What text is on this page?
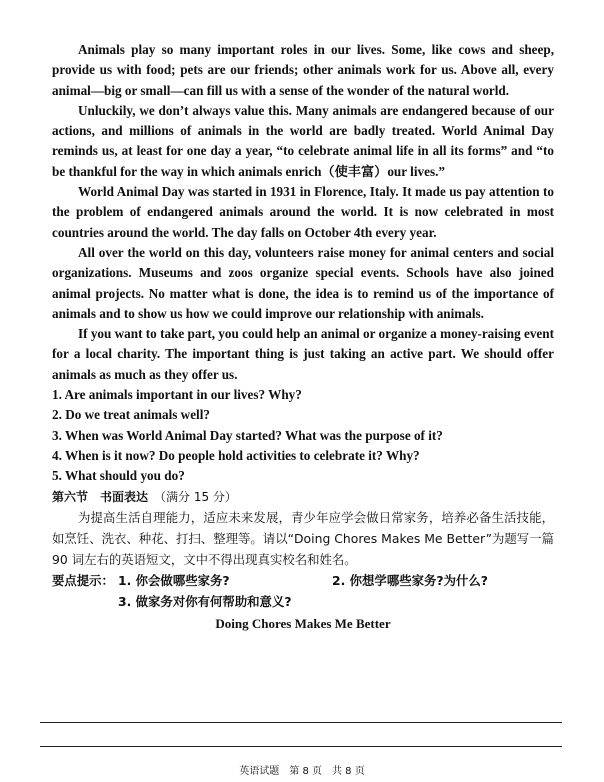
Animals play so many important roles in our lives. Some, like cows and sheep, provide us with food; pets are our friends; other animals work for us. Above all, every animal—big or small—can fill us with a sense of the wonder of the natural world.

Unluckily, we don’t always value this. Many animals are endangered because of our actions, and millions of animals in the world are badly treated. World Animal Day reminds us, at least for one day a year, “to celebrate animal life in all its forms” and “to be thankful for the way in which animals enrich（使丰富）our lives.”

World Animal Day was started in 1931 in Florence, Italy. It made us pay attention to the problem of endangered animals around the world. It is now celebrated in most countries around the world. The day falls on October 4th every year.

All over the world on this day, volunteers raise money for animal centers and social organizations. Museums and zoos organize special events. Schools have also joined animal projects. No matter what is done, the idea is to remind us of the importance of animals and to show us how we could improve our relationship with animals.

If you want to take part, you could help an animal or organize a money-raising event for a local charity. The important thing is just taking an active part. We should offer animals as much as they offer us.

1. Are animals important in our lives? Why?

2. Do we treat animals well?

3. When was World Animal Day started? What was the purpose of it?

4. When is it now? Do people hold activities to celebrate it? Why?

5. What should you do?

第六节　书面表达 （满分 15 分）

为提高生活自理能力，适应未来发展，青少年应学会做日常家务，培养必备生活技能，如烹饪、洗衣、种花、打扫、整理等。请以“Doing Chores Makes Me Better”为题写一篇 90 词左右的英语短文，文中不得出现真实校名和姓名。

要点提示： 1. 你会做哪些家务?	2. 你想学哪些家务?为什么?
3. 做家务对你有何帮助和意义?

Doing Chores Makes Me Better

英语试题　第 8 页　共 8 页
